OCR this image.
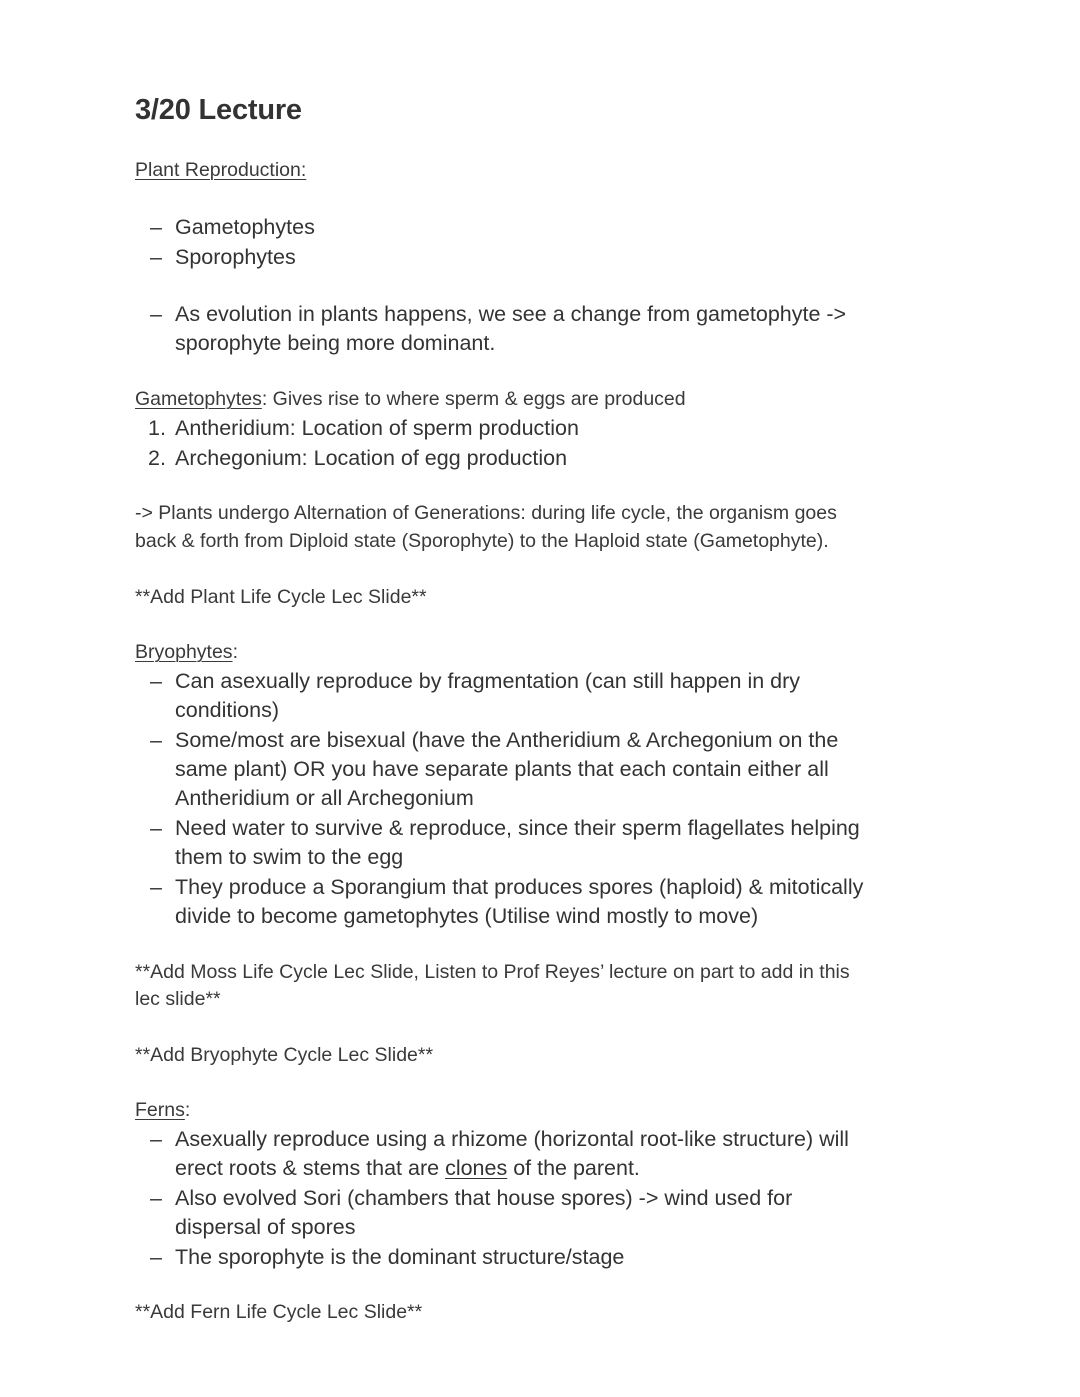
3/20 Lecture
Plant Reproduction:
– Gametophytes
– Sporophytes
– As evolution in plants happens, we see a change from gametophyte ->
sporophyte being more dominant.
Gametophytes: Gives rise to where sperm & eggs are produced
1. Antheridium: Location of sperm production
2. Archegonium: Location of egg production
-> Plants undergo Alternation of Generations: during life cycle, the organism goes
back & forth from Diploid state (Sporophyte) to the Haploid state (Gametophyte).
**Add Plant Life Cycle Lec Slide**
Bryophytes:
– Can asexually reproduce by fragmentation (can still happen in dry
conditions)
– Some/most are bisexual (have the Antheridium & Archegonium on the
same plant) OR you have separate plants that each contain either all
Antheridium or all Archegonium
– Need water to survive & reproduce, since their sperm flagellates helping
them to swim to the egg
– They produce a Sporangium that produces spores (haploid) & mitotically
divide to become gametophytes (Utilise wind mostly to move)
**Add Moss Life Cycle Lec Slide, Listen to Prof Reyes’ lecture on part to add in this
lec slide**
**Add Bryophyte Cycle Lec Slide**
Ferns:
– Asexually reproduce using a rhizome (horizontal root-like structure) will
erect roots & stems that are clones of the parent.
– Also evolved Sori (chambers that house spores) -> wind used for
dispersal of spores
– The sporophyte is the dominant structure/stage
**Add Fern Life Cycle Lec Slide**
